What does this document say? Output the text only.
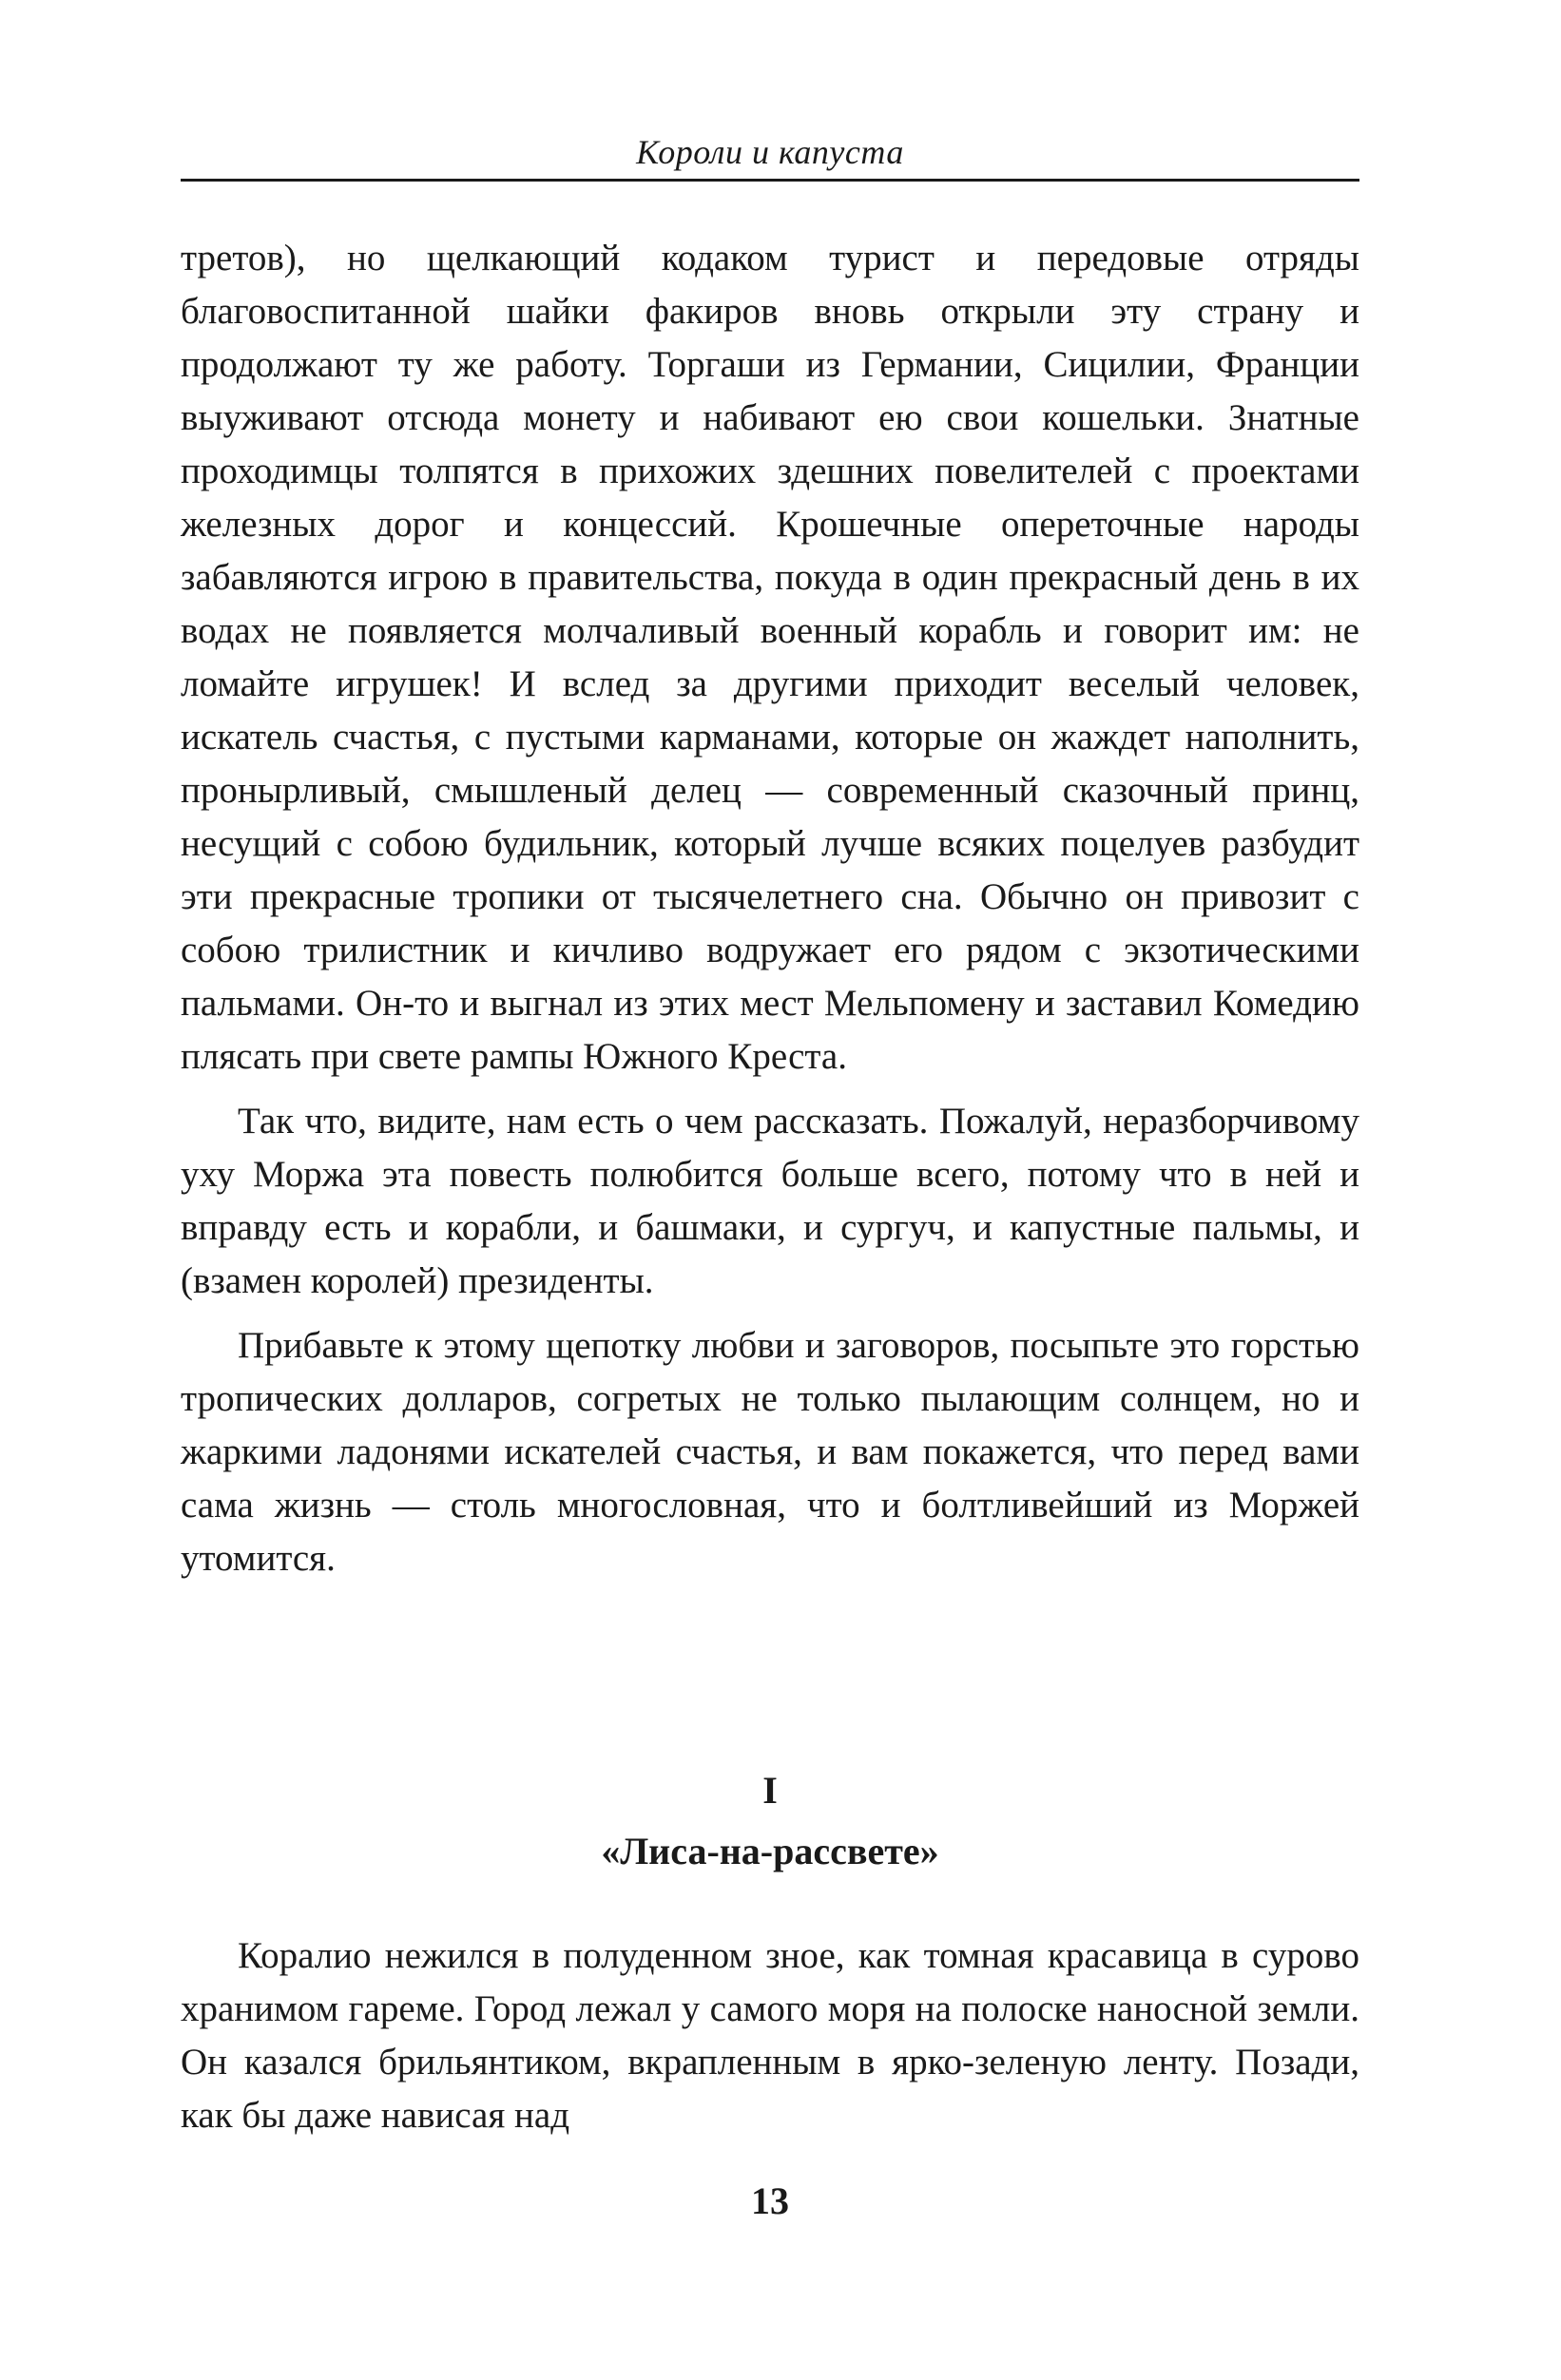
Короли и капуста

третов), но щелкающий кодаком турист и передовые отряды благовоспитанной шайки факиров вновь открыли эту страну и продолжают ту же работу. Торгаши из Германии, Сицилии, Франции выуживают отсюда монету и набивают ею свои кошельки. Знатные проходимцы толпятся в прихожих здешних повелителей с проектами железных дорог и концессий. Крошечные опереточные народы забавляются игрою в правительства, покуда в один прекрасный день в их водах не появляется молчаливый военный корабль и говорит им: не ломайте игрушек! И вслед за другими приходит веселый человек, искатель счастья, с пустыми карманами, которые он жаждет наполнить, пронырливый, смышленый делец — современный сказочный принц, несущий с собою будильник, который лучше всяких поцелуев разбудит эти прекрасные тропики от тысячелетнего сна. Обычно он привозит с собою трилистник и кичливо водружает его рядом с экзотическими пальмами. Он-то и выгнал из этих мест Мельпомену и заставил Комедию плясать при свете рампы Южного Креста.

Так что, видите, нам есть о чем рассказать. Пожалуй, неразборчивому уху Моржа эта повесть полюбится больше всего, потому что в ней и вправду есть и корабли, и башмаки, и сургуч, и капустные пальмы, и (взамен королей) президенты.

Прибавьте к этому щепотку любви и заговоров, посыпьте это горстью тропических долларов, согретых не только пылающим солнцем, но и жаркими ладонями искателей счастья, и вам покажется, что перед вами сама жизнь — столь многословная, что и болтливейший из Моржей утомится.

I
«Лиса-на-рассвете»

Коралио нежился в полуденном зное, как томная красавица в сурово хранимом гареме. Город лежал у самого моря на полоске наносной земли. Он казался брильянтиком, вкрапленным в ярко-зеленую ленту. Позади, как бы даже нависая над

13
